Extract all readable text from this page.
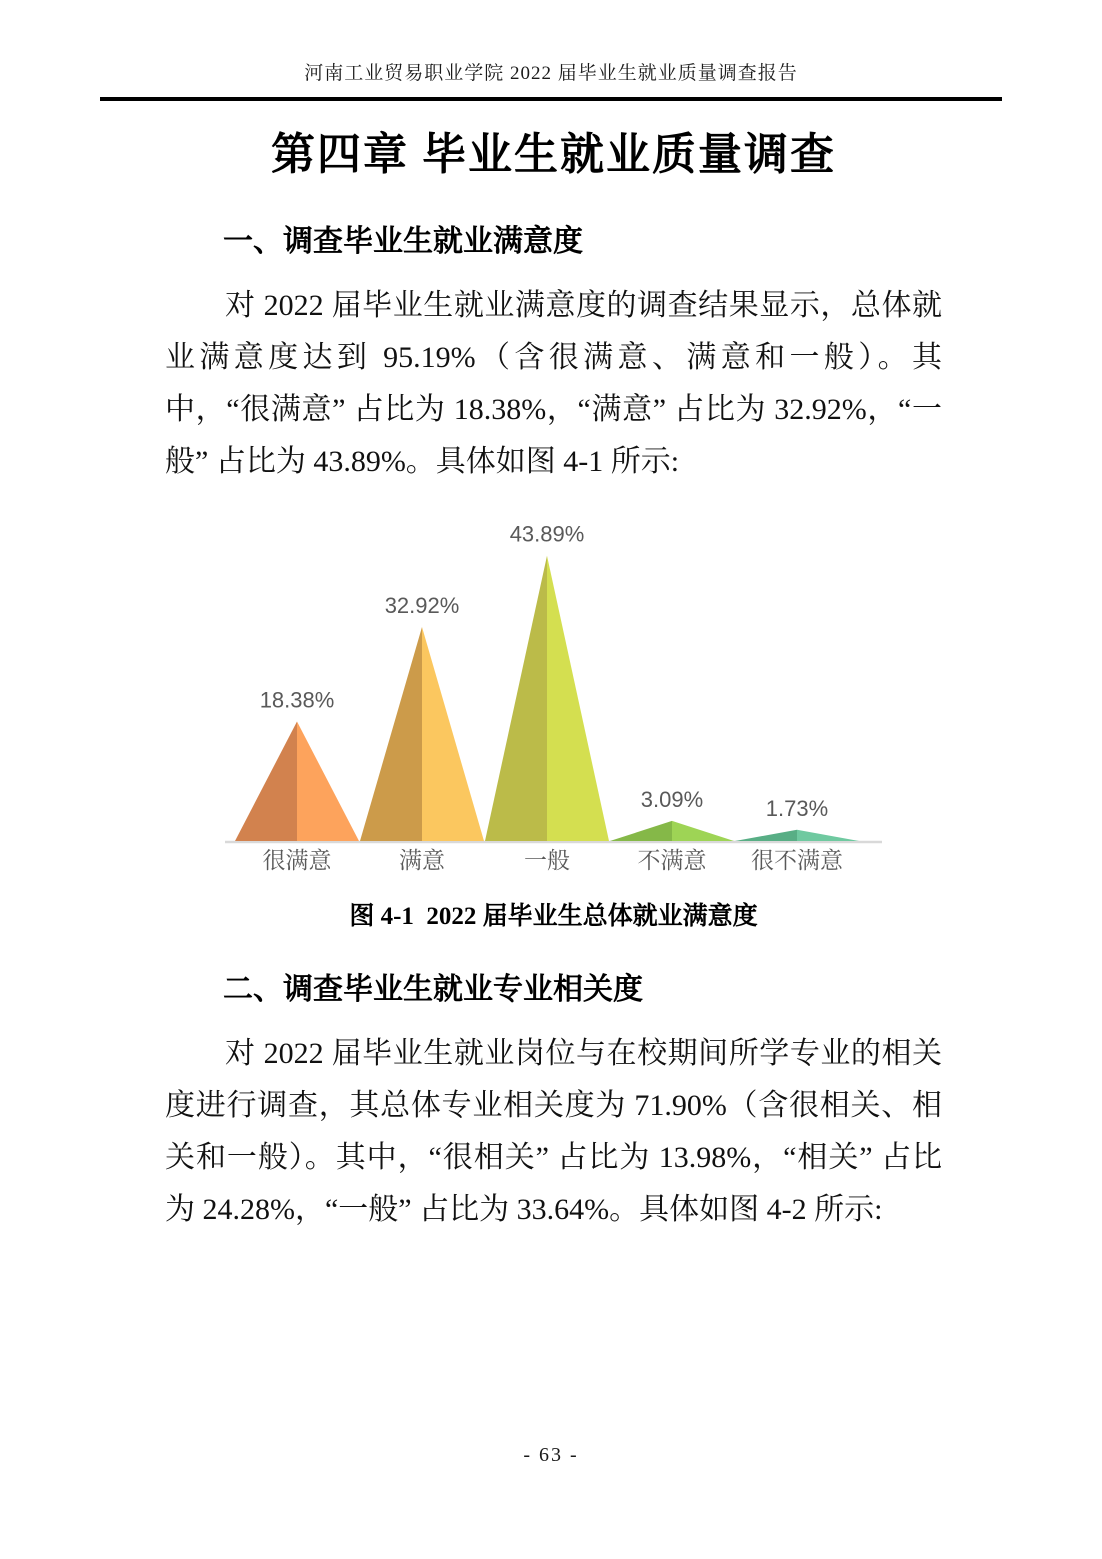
河南工业贸易职业学院 2022 届毕业生就业质量调查报告
第四章 毕业生就业质量调查
一、调查毕业生就业满意度

对 2022 届毕业生就业满意度的调查结果显示，总体就业满意度达到 95.19%（含很满意、满意和一般）。其中，“很满意” 占比为 18.38%，“满意” 占比为 32.92%，“一般” 占比为 43.89%。具体如图 4-1 所示:

18.38%
很满意
32.92%
满意
43.89%
一般
3.09%
不满意
1.73%
很不满意

图 4-1  2022 届毕业生总体就业满意度

二、调查毕业生就业专业相关度

对 2022 届毕业生就业岗位与在校期间所学专业的相关度进行调查，其总体专业相关度为 71.90%（含很相关、相关和一般）。其中，“很相关” 占比为 13.98%，“相关” 占比为 24.28%，“一般” 占比为 33.64%。具体如图 4-2 所示:

- 63 -
